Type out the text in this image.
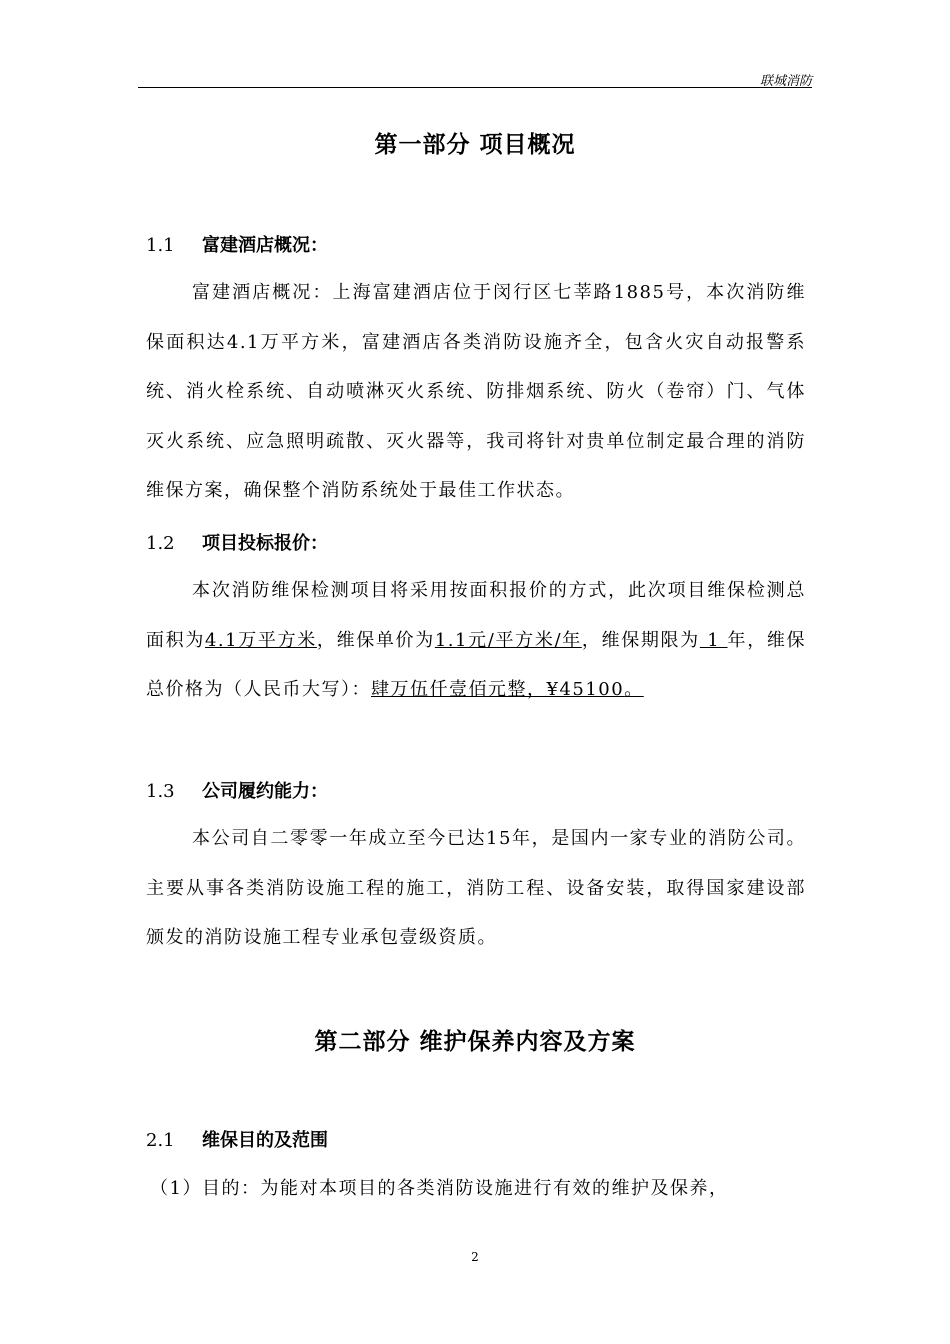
联城消防
第一部分 项目概况
1.1 富建酒店概况：

富建酒店概况：上海富建酒店位于闵行区七莘路1885号，本次消防维保面积达4.1万平方米，富建酒店各类消防设施齐全，包含火灾自动报警系统、消火栓系统、自动喷淋灭火系统、防排烟系统、防火（卷帘）门、气体灭火系统、应急照明疏散、灭火器等，我司将针对贵单位制定最合理的消防维保方案，确保整个消防系统处于最佳工作状态。

1.2 项目投标报价：

本次消防维保检测项目将采用按面积报价的方式，此次项目维保检测总面积为4.1万平方米，维保单价为1.1元/平方米/年，维保期限为 1 年，维保总价格为（人民币大写）：肆万伍仟壹佰元整，¥45100。

1.3 公司履约能力：

本公司自二零零一年成立至今已达15年，是国内一家专业的消防公司。主要从事各类消防设施工程的施工，消防工程、设备安装，取得国家建设部颁发的消防设施工程专业承包壹级资质。

第二部分 维护保养内容及方案
2.1 维保目的及范围

（1）目的：为能对本项目的各类消防设施进行有效的维护及保养，

2
